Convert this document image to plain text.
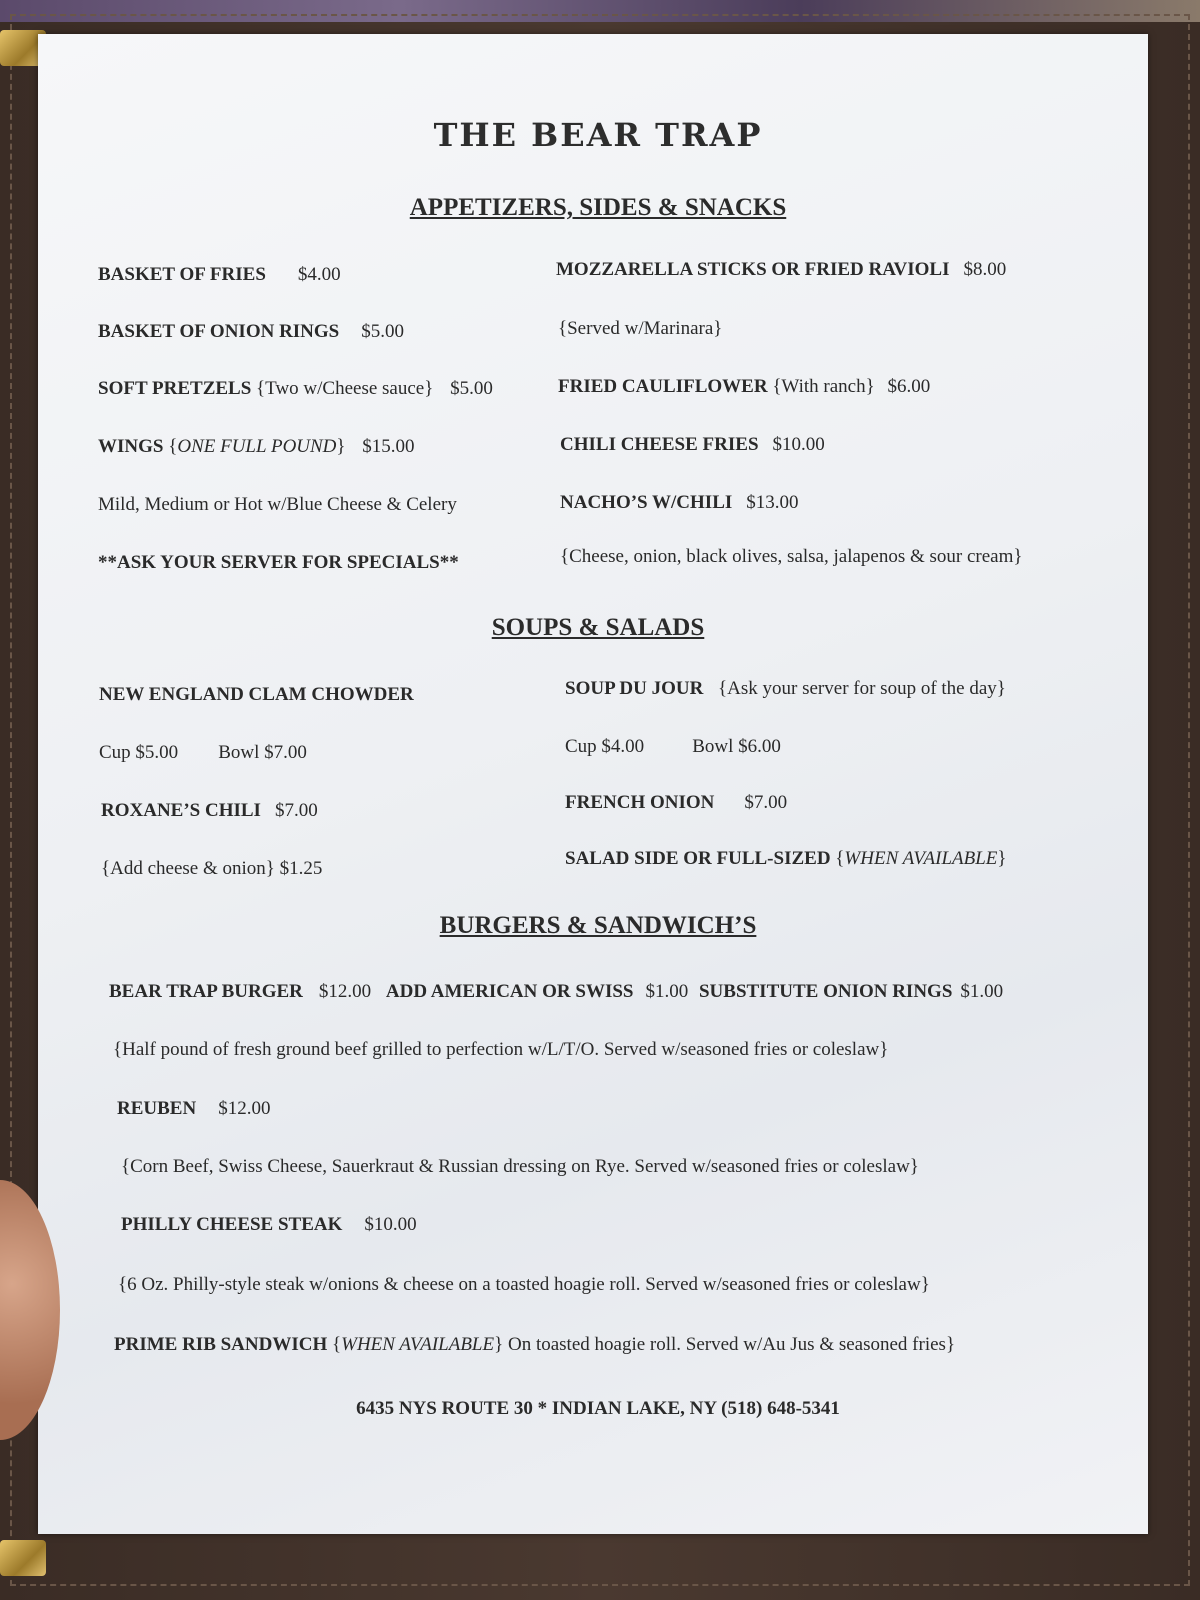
THE BEAR TRAP
APPETIZERS, SIDES & SNACKS
BASKET OF FRIES $4.00
BASKET OF ONION RINGS $5.00
SOFT PRETZELS {Two w/Cheese sauce} $5.00
WINGS {ONE FULL POUND} $15.00
Mild, Medium or Hot w/Blue Cheese & Celery
**ASK YOUR SERVER FOR SPECIALS**
MOZZARELLA STICKS OR FRIED RAVIOLI $8.00
{Served w/Marinara}
FRIED CAULIFLOWER {With ranch} $6.00
CHILI CHEESE FRIES $10.00
NACHO’S W/CHILI $13.00
{Cheese, onion, black olives, salsa, jalapenos & sour cream}
SOUPS & SALADS
NEW ENGLAND CLAM CHOWDER
Cup $5.00 Bowl $7.00
ROXANE’S CHILI $7.00
{Add cheese & onion} $1.25
SOUP DU JOUR {Ask your server for soup of the day}
Cup $4.00	Bowl $6.00
FRENCH ONION $7.00
SALAD SIDE OR FULL-SIZED {WHEN AVAILABLE}
BURGERS & SANDWICH’S
BEAR TRAP BURGER $12.00 ADD AMERICAN OR SWISS $1.00 SUBSTITUTE ONION RINGS $1.00
{Half pound of fresh ground beef grilled to perfection w/L/T/O. Served w/seasoned fries or coleslaw}
REUBEN $12.00
{Corn Beef, Swiss Cheese, Sauerkraut & Russian dressing on Rye. Served w/seasoned fries or coleslaw}
PHILLY CHEESE STEAK $10.00
{6 Oz. Philly-style steak w/onions & cheese on a toasted hoagie roll. Served w/seasoned fries or coleslaw}
PRIME RIB SANDWICH {WHEN AVAILABLE} On toasted hoagie roll. Served w/Au Jus & seasoned fries}
6435 NYS ROUTE 30 * INDIAN LAKE, NY (518) 648-5341
